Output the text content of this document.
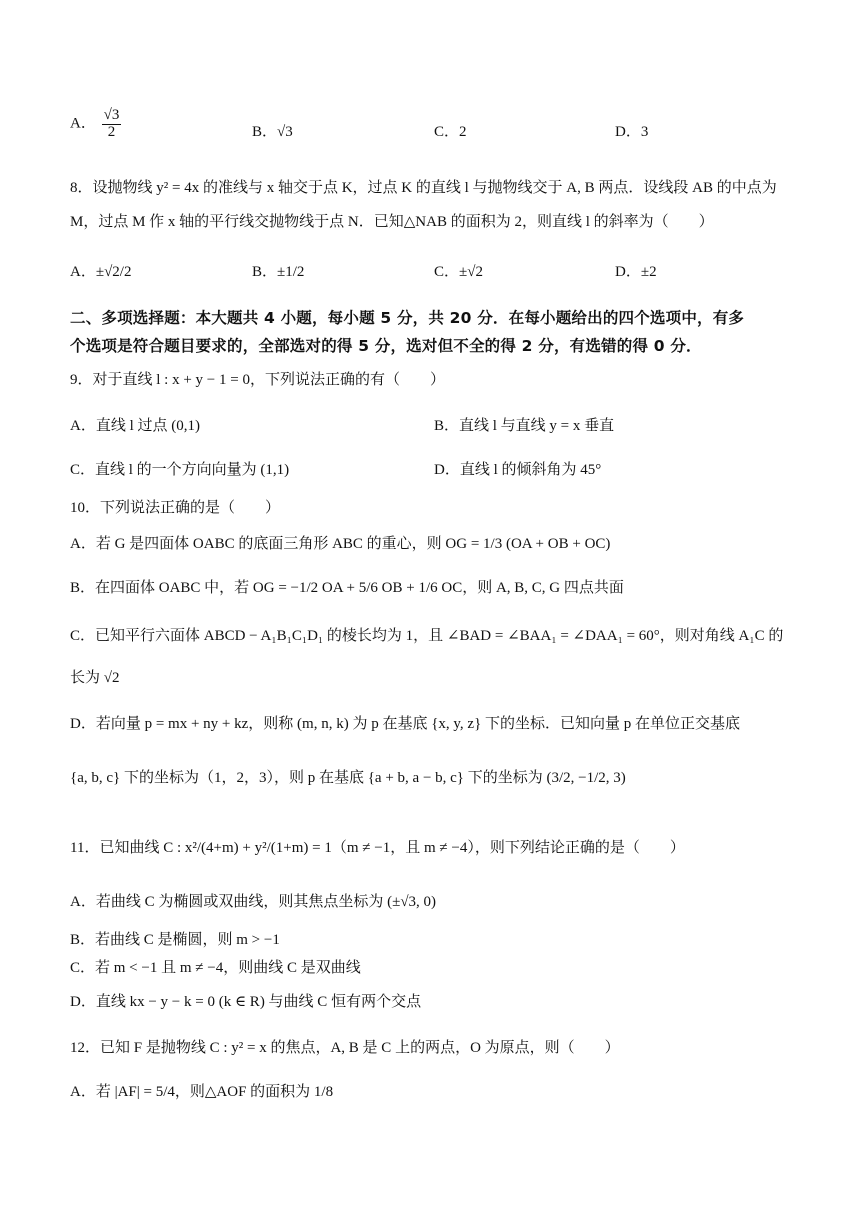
A． $\frac{√3}{2}$	B．√3	C．2	D．3
8．设抛物线 y² = 4x 的准线与 x 轴交于点 K，过点 K 的直线 l 与抛物线交于 A, B 两点．设线段 AB 的中点为
M，过点 M 作 x 轴的平行线交抛物线于点 N．已知△NAB 的面积为 2，则直线 l 的斜率为（　　）
A．±√2/2	B．±1/2	C．±√2	D．±2
二、多项选择题：本大题共 4 小题，每小题 5 分，共 20 分．在每小题给出的四个选项中，有多
个选项是符合题目要求的，全部选对的得 5 分，选对但不全的得 2 分，有选错的得 0 分．
9．对于直线 l : x + y − 1 = 0，下列说法正确的有（　　）
A．直线 l 过点 (0,1)	B．直线 l 与直线 y = x 垂直
C．直线 l 的一个方向向量为 (1,1)	D．直线 l 的倾斜角为 45°
10．下列说法正确的是（　　）
A．若 G 是四面体 OABC 的底面三角形 ABC 的重心，则 OG = 1/3 (OA + OB + OC)
B．在四面体 OABC 中，若 OG = −1/2 OA + 5/6 OB + 1/6 OC，则 A, B, C, G 四点共面
C．已知平行六面体 ABCD − A₁B₁C₁D₁ 的棱长均为 1，且 ∠BAD = ∠BAA₁ = ∠DAA₁ = 60°，则对角线 A₁C 的
长为 √2
D．若向量 p = mx + ny + kz，则称 (m, n, k) 为 p 在基底 {x, y, z} 下的坐标．已知向量 p 在单位正交基底
{a, b, c} 下的坐标为（1，2，3），则 p 在基底 {a + b, a − b, c} 下的坐标为 (3/2, −1/2, 3)
11．已知曲线 C : x²/(4+m) + y²/(1+m) = 1（m ≠ −1，且 m ≠ −4），则下列结论正确的是（　　）
A．若曲线 C 为椭圆或双曲线，则其焦点坐标为 (±√3, 0)
B．若曲线 C 是椭圆，则 m > −1
C．若 m < −1 且 m ≠ −4，则曲线 C 是双曲线
D．直线 kx − y − k = 0 (k ∈ R) 与曲线 C 恒有两个交点
12．已知 F 是抛物线 C : y² = x 的焦点，A, B 是 C 上的两点，O 为原点，则（　　）
A．若 |AF| = 5/4，则△AOF 的面积为 1/8
